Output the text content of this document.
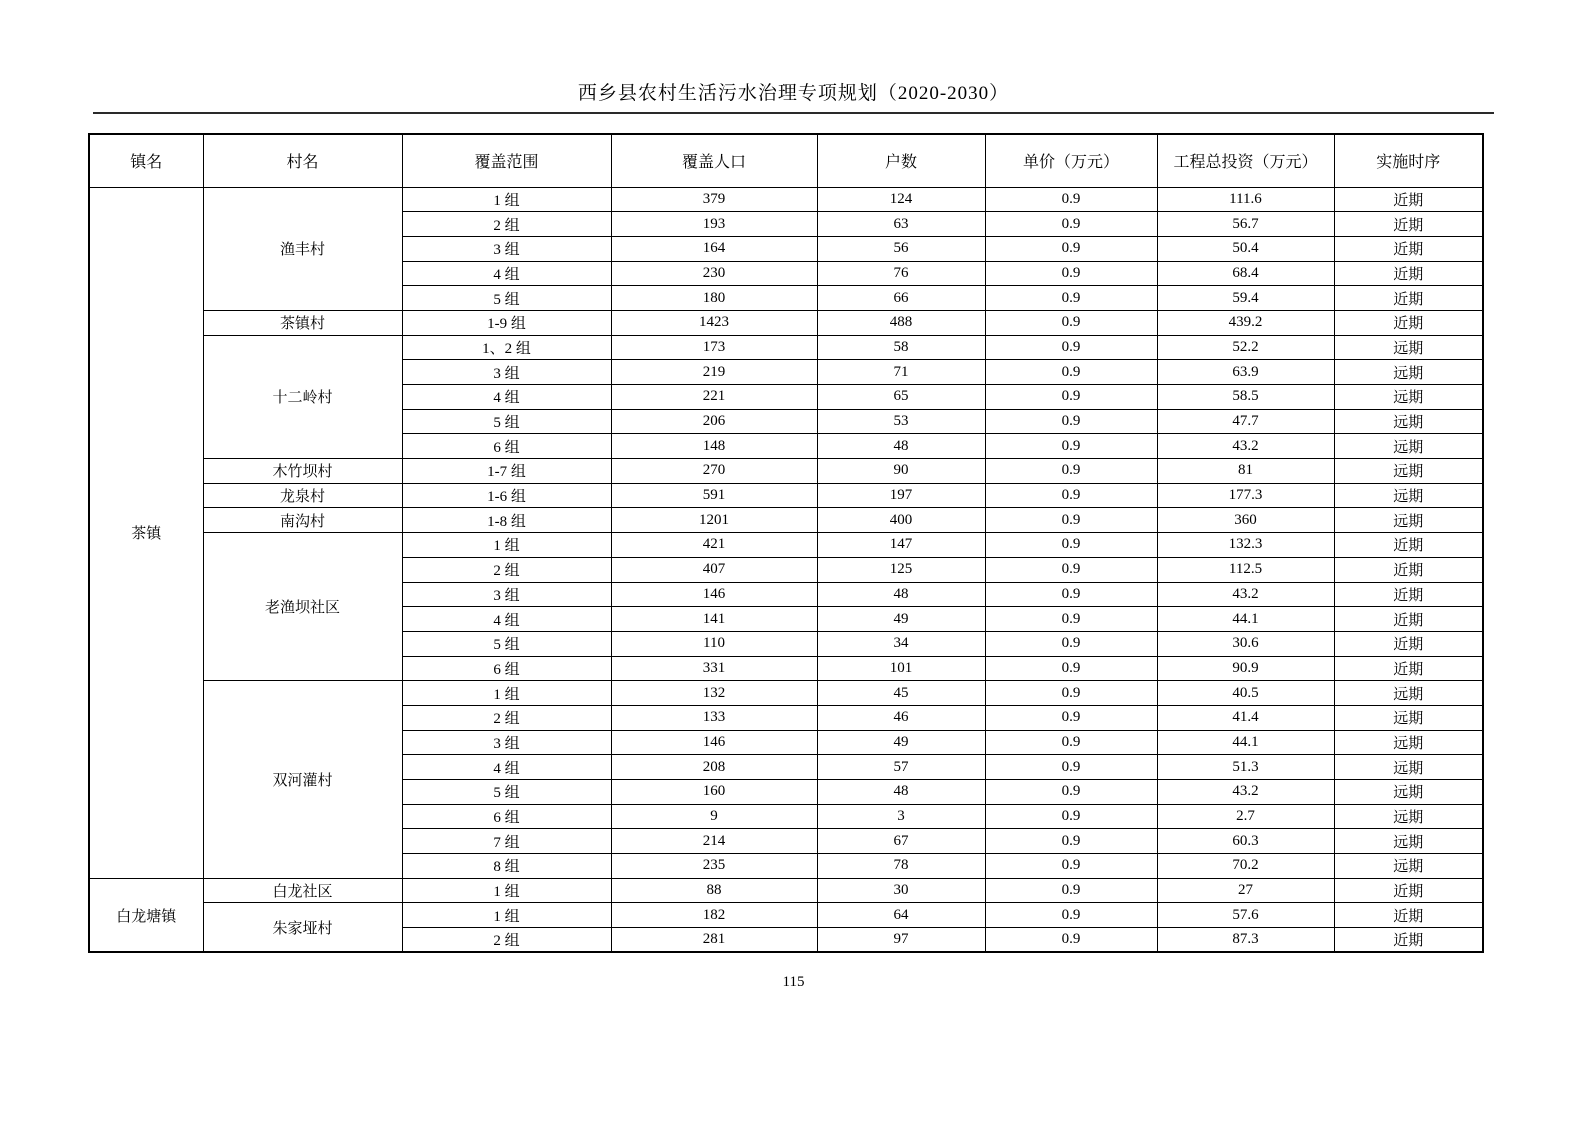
西乡县农村生活污水治理专项规划（2020-2030）
镇名	村名	覆盖范围	覆盖人口	户数	单价（万元）	工程总投资（万元）	实施时序
茶镇	渔丰村	1 组	379	124	0.9	111.6	近期
		2 组	193	63	0.9	56.7	近期
		3 组	164	56	0.9	50.4	近期
		4 组	230	76	0.9	68.4	近期
		5 组	180	66	0.9	59.4	近期
	茶镇村	1-9 组	1423	488	0.9	439.2	近期
	十二岭村	1、2 组	173	58	0.9	52.2	远期
		3 组	219	71	0.9	63.9	远期
		4 组	221	65	0.9	58.5	远期
		5 组	206	53	0.9	47.7	远期
		6 组	148	48	0.9	43.2	远期
	木竹坝村	1-7 组	270	90	0.9	81	远期
	龙泉村	1-6 组	591	197	0.9	177.3	远期
	南沟村	1-8 组	1201	400	0.9	360	远期
	老渔坝社区	1 组	421	147	0.9	132.3	近期
		2 组	407	125	0.9	112.5	近期
		3 组	146	48	0.9	43.2	近期
		4 组	141	49	0.9	44.1	近期
		5 组	110	34	0.9	30.6	近期
		6 组	331	101	0.9	90.9	近期
	双河灌村	1 组	132	45	0.9	40.5	远期
		2 组	133	46	0.9	41.4	远期
		3 组	146	49	0.9	44.1	远期
		4 组	208	57	0.9	51.3	远期
		5 组	160	48	0.9	43.2	远期
		6 组	9	3	0.9	2.7	远期
		7 组	214	67	0.9	60.3	远期
		8 组	235	78	0.9	70.2	远期
白龙塘镇	白龙社区	1 组	88	30	0.9	27	近期
	朱家垭村	1 组	182	64	0.9	57.6	近期
		2 组	281	97	0.9	87.3	近期
115
